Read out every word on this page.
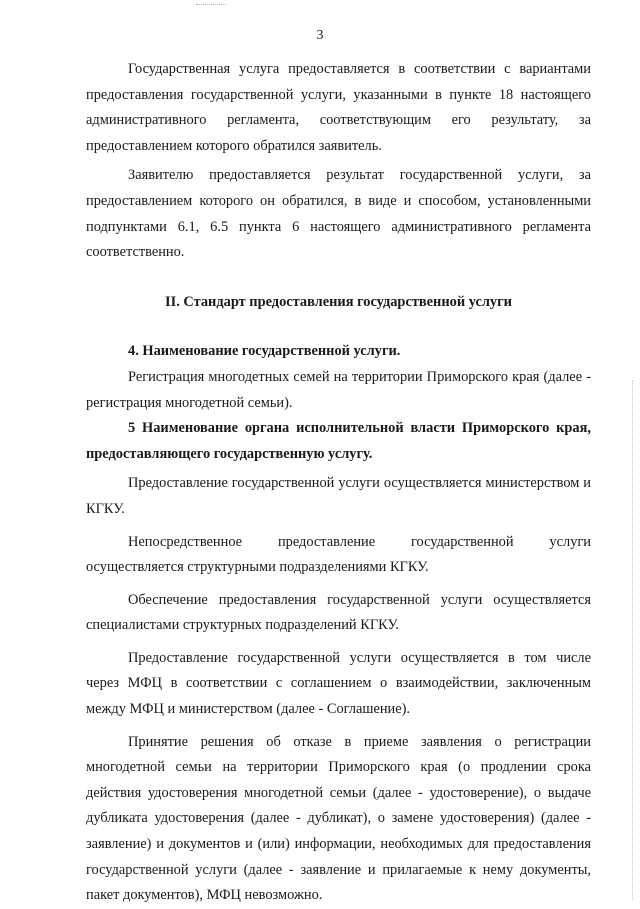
3

Государственная услуга предоставляется в соответствии с вариантами предоставления государственной услуги, указанными в пункте 18 настоящего административного регламента, соответствующим его результату, за предоставлением которого обратился заявитель.

Заявителю предоставляется результат государственной услуги, за предоставлением которого он обратился, в виде и способом, установленными подпунктами 6.1, 6.5 пункта 6 настоящего административного регламента соответственно.

II. Стандарт предоставления государственной услуги

4. Наименование государственной услуги.

Регистрация многодетных семей на территории Приморского края (далее - регистрация многодетной семьи).

5 Наименование органа исполнительной власти Приморского края, предоставляющего государственную услугу.

Предоставление государственной услуги осуществляется министерством и КГКУ.

Непосредственное предоставление государственной услуги осуществляется структурными подразделениями КГКУ.

Обеспечение предоставления государственной услуги осуществляется специалистами структурных подразделений КГКУ.

Предоставление государственной услуги осуществляется в том числе через МФЦ в соответствии с соглашением о взаимодействии, заключенным между МФЦ и министерством (далее - Соглашение).

Принятие решения об отказе в приеме заявления о регистрации многодетной семьи на территории Приморского края (о продлении срока действия удостоверения многодетной семьи (далее - удостоверение), о выдаче дубликата удостоверения (далее - дубликат), о замене удостоверения) (далее - заявление) и документов и (или) информации, необходимых для предоставления государственной услуги (далее - заявление и прилагаемые к нему документы, пакет документов), МФЦ невозможно.
